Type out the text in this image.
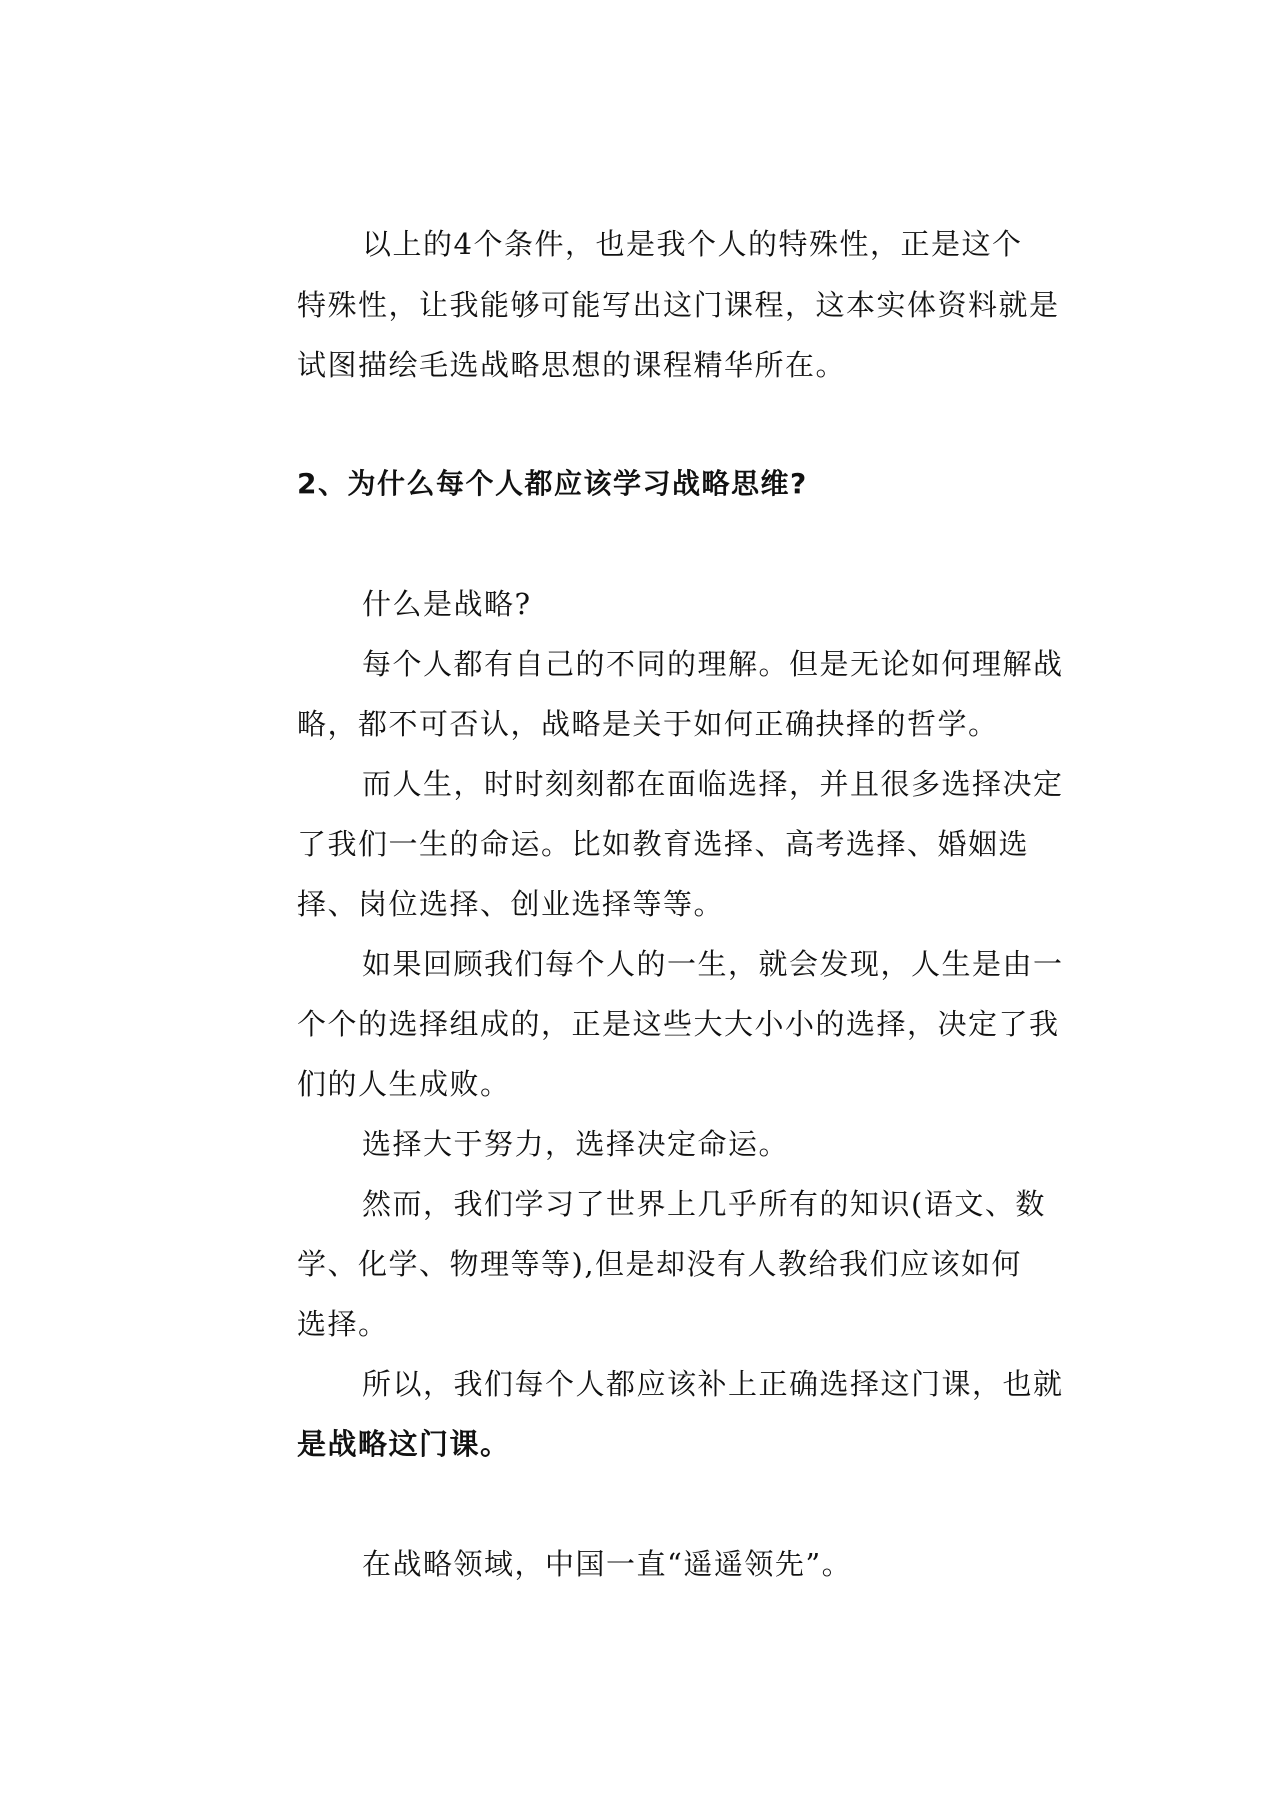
以上的4个条件，也是我个人的特殊性，正是这个
特殊性，让我能够可能写出这门课程，这本实体资料就是
试图描绘毛选战略思想的课程精华所在。
2、为什么每个人都应该学习战略思维?
什么是战略?
每个人都有自己的不同的理解。但是无论如何理解战
略，都不可否认，战略是关于如何正确抉择的哲学。
而人生，时时刻刻都在面临选择，并且很多选择决定
了我们一生的命运。比如教育选择、高考选择、婚姻选
择、岗位选择、创业选择等等。
如果回顾我们每个人的一生，就会发现，人生是由一
个个的选择组成的，正是这些大大小小的选择，决定了我
们的人生成败。
选择大于努力，选择决定命运。
然而，我们学习了世界上几乎所有的知识(语文、数
学、化学、物理等等),但是却没有人教给我们应该如何
选择。
所以，我们每个人都应该补上正确选择这门课，也就
是战略这门课。
在战略领域，中国一直“遥遥领先”。
